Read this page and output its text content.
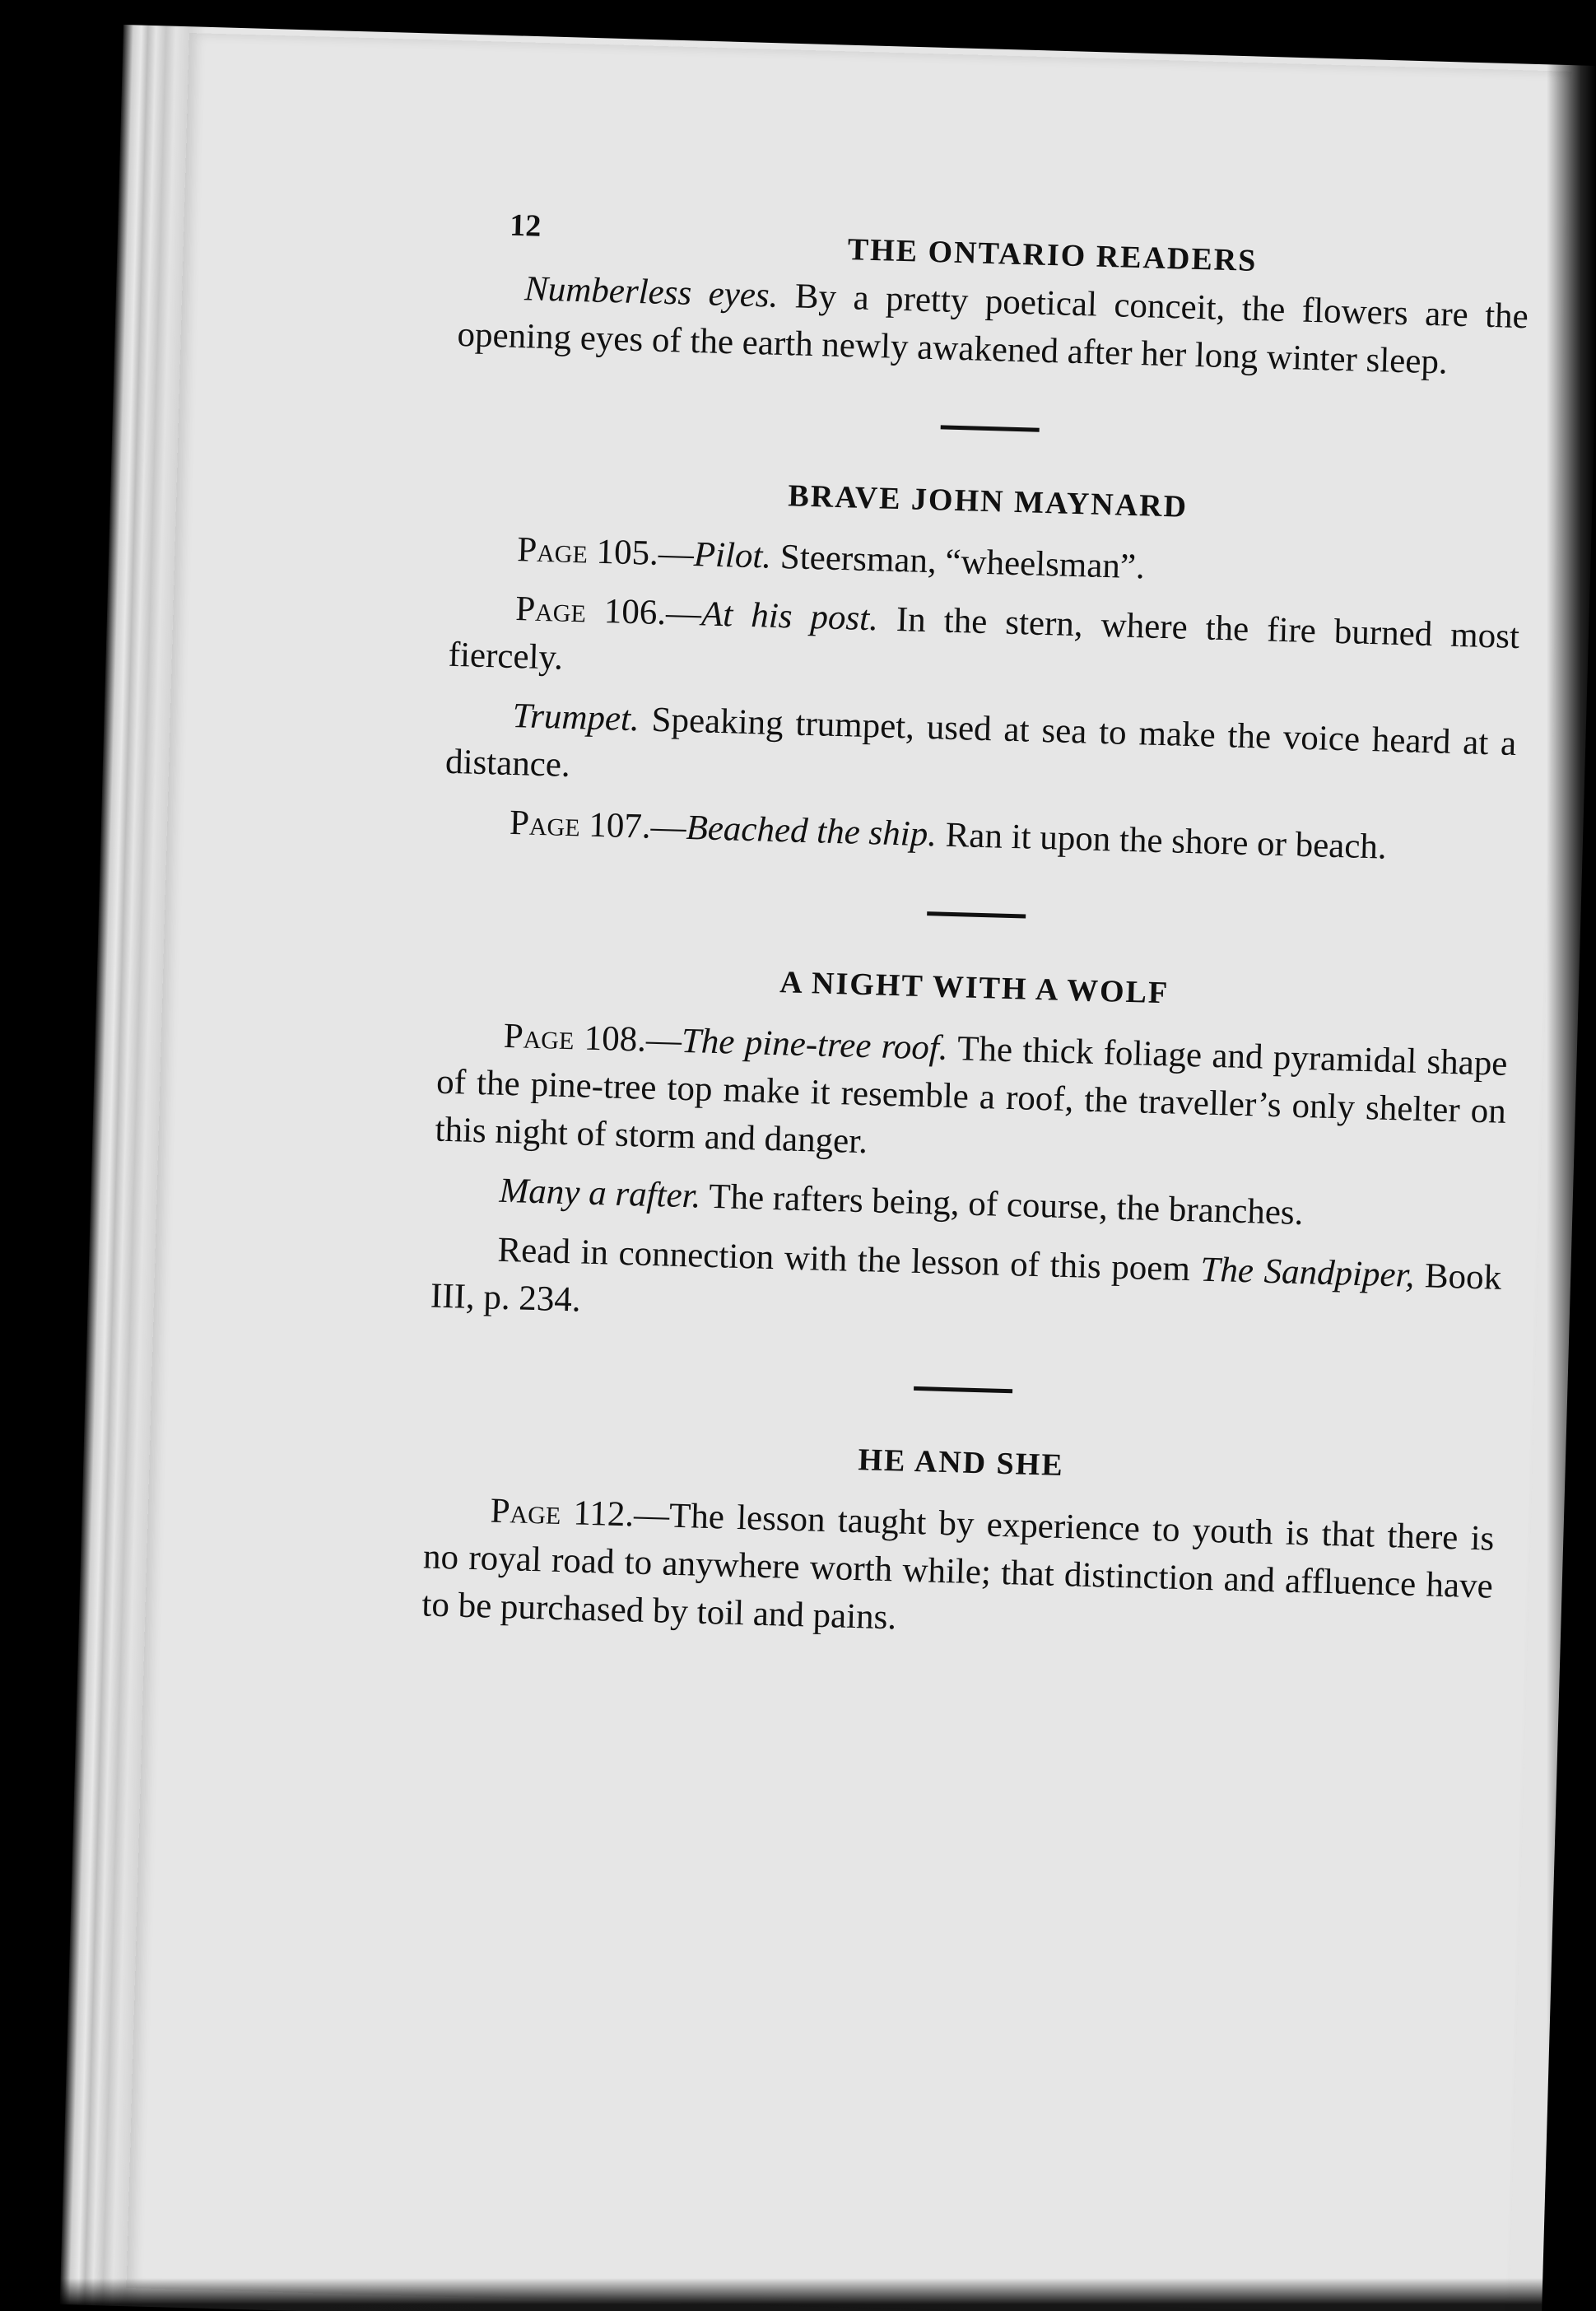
12
THE ONTARIO READERS

Numberless eyes. By a pretty poetical conceit, the flowers are the opening eyes of the earth newly awakened after her long winter sleep.

BRAVE JOHN MAYNARD

Page 105.—Pilot. Steersman, “wheelsman”.

Page 106.—At his post. In the stern, where the fire burned most fiercely.

Trumpet. Speaking trumpet, used at sea to make the voice heard at a distance.

Page 107.—Beached the ship. Ran it upon the shore or beach.

A NIGHT WITH A WOLF

Page 108.—The pine-tree roof. The thick foliage and pyramidal shape of the pine-tree top make it resemble a roof, the traveller’s only shelter on this night of storm and danger.

Many a rafter. The rafters being, of course, the branches.

Read in connection with the lesson of this poem The Sandpiper, Book III, p. 234.

HE AND SHE

Page 112.—The lesson taught by experience to youth is that there is no royal road to anywhere worth while; that distinction and affluence have to be purchased by toil and pains.
